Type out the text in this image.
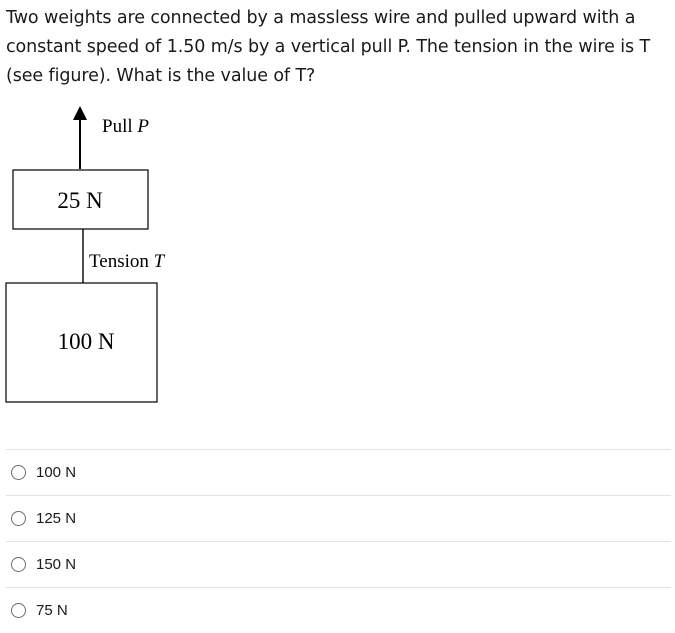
Two weights are connected by a massless wire and pulled upward with a constant speed of 1.50 m/s by a vertical pull P. The tension in the wire is T (see figure). What is the value of T?

Pull P
25 N
Tension T
100 N
100 N
125 N
150 N
75 N
